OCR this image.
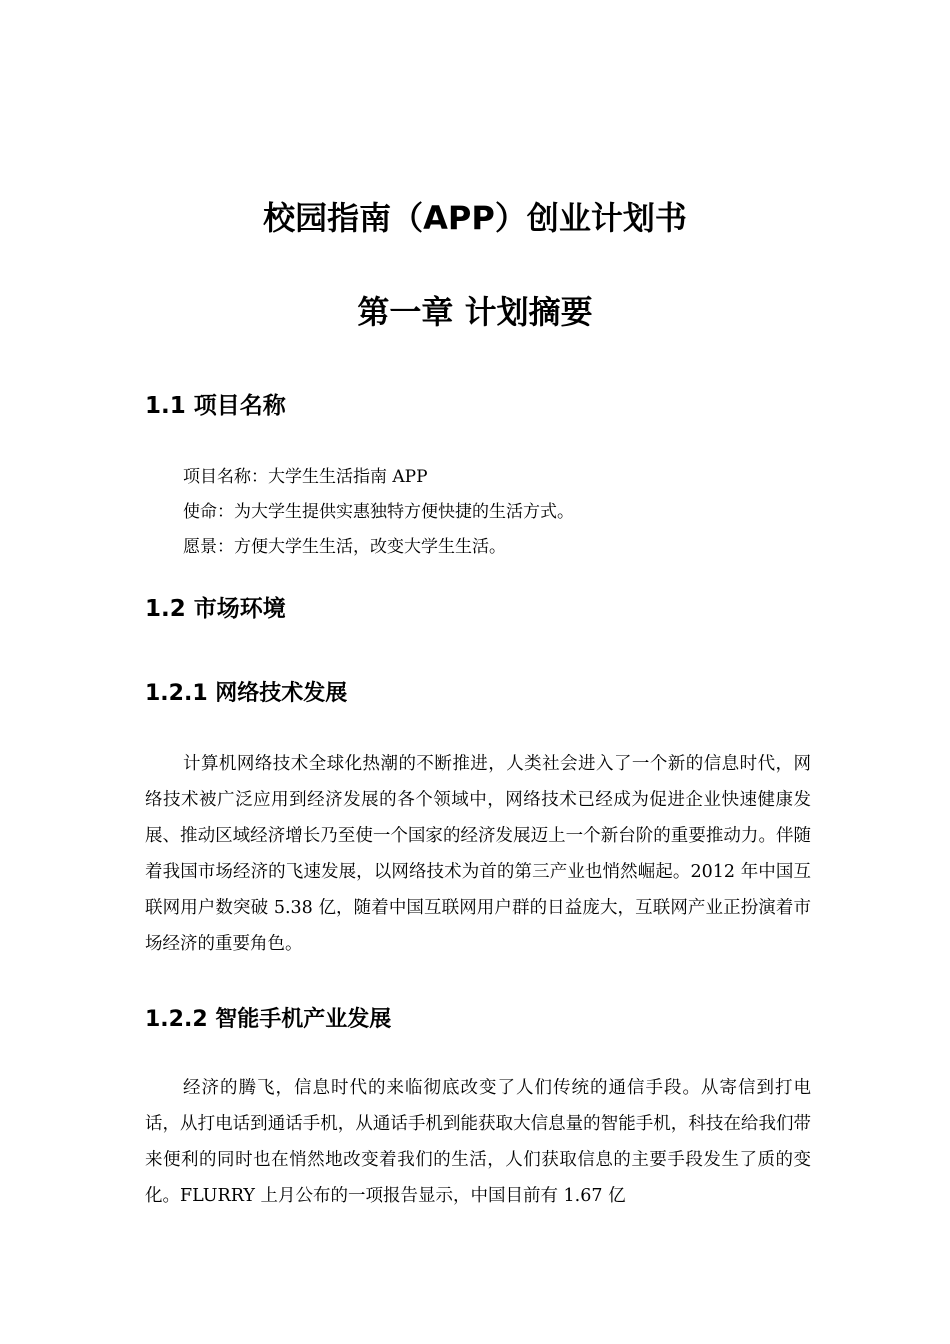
校园指南（APP）创业计划书
第一章 计划摘要
1.1 项目名称

项目名称：大学生生活指南 APP

使命：为大学生提供实惠独特方便快捷的生活方式。

愿景：方便大学生生活，改变大学生生活。

1.2 市场环境
1.2.1 网络技术发展

计算机网络技术全球化热潮的不断推进，人类社会进入了一个新的信息时代，网络技术被广泛应用到经济发展的各个领域中，网络技术已经成为促进企业快速健康发展、推动区域经济增长乃至使一个国家的经济发展迈上一个新台阶的重要推动力。伴随着我国市场经济的飞速发展，以网络技术为首的第三产业也悄然崛起。2012 年中国互联网用户数突破 5.38 亿，随着中国互联网用户群的日益庞大，互联网产业正扮演着市场经济的重要角色。

1.2.2 智能手机产业发展

经济的腾飞，信息时代的来临彻底改变了人们传统的通信手段。从寄信到打电话，从打电话到通话手机，从通话手机到能获取大信息量的智能手机，科技在给我们带来便利的同时也在悄然地改变着我们的生活，人们获取信息的主要手段发生了质的变化。FLURRY 上月公布的一项报告显示，中国目前有 1.67 亿
